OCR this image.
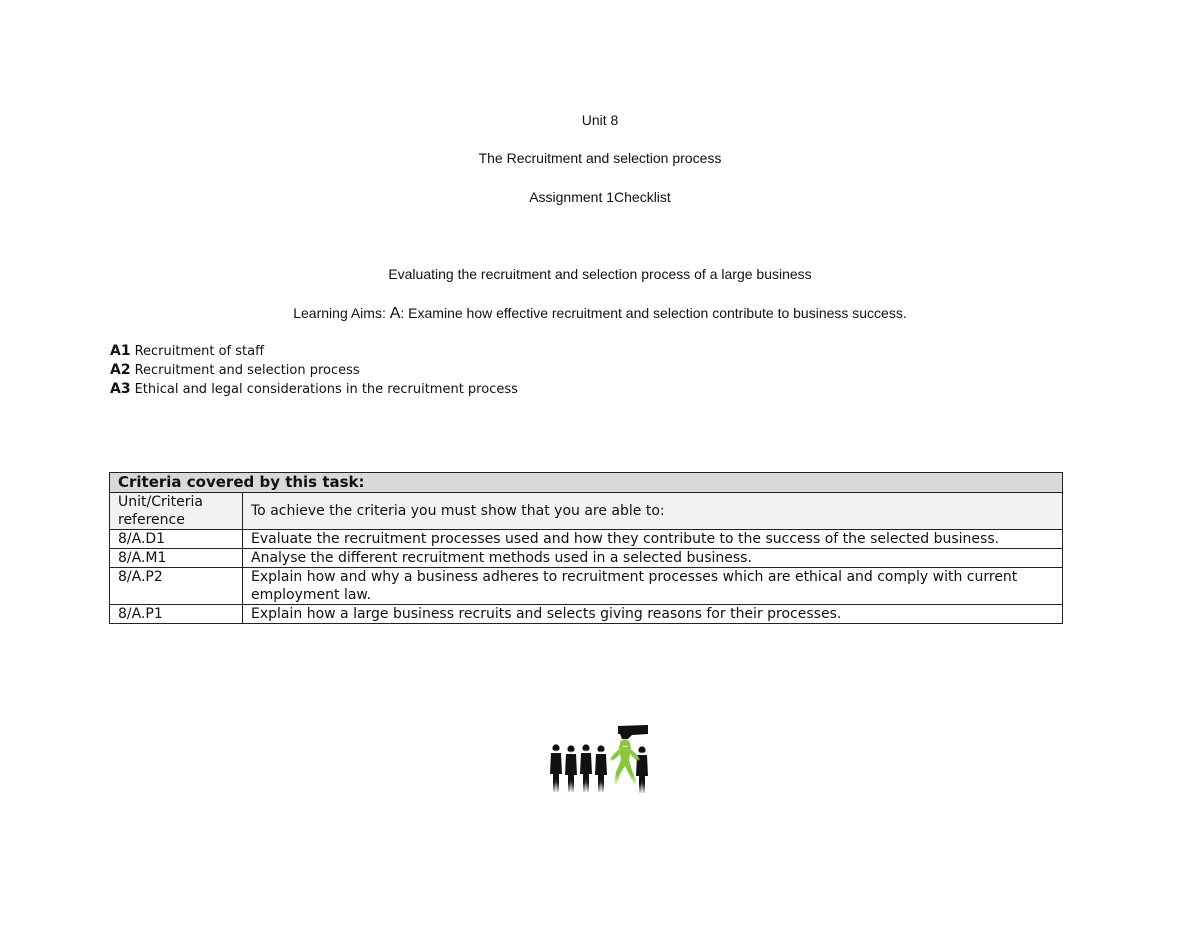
Unit 8
The Recruitment and selection process
Assignment 1Checklist
Evaluating the recruitment and selection process of a large business
Learning Aims: A: Examine how effective recruitment and selection contribute to business success.
A1 Recruitment of staff
A2 Recruitment and selection process
A3 Ethical and legal considerations in the recruitment process
Criteria covered by this task:	
Unit/Criteria reference	To achieve the criteria you must show that you are able to:
8/A.D1	Evaluate the recruitment processes used and how they contribute to the success of the selected business.
8/A.M1	Analyse the different recruitment methods used in a selected business.
8/A.P2	Explain how and why a business adheres to recruitment processes which are ethical and comply with current employment law.
8/A.P1	Explain how a large business recruits and selects giving reasons for their processes.
